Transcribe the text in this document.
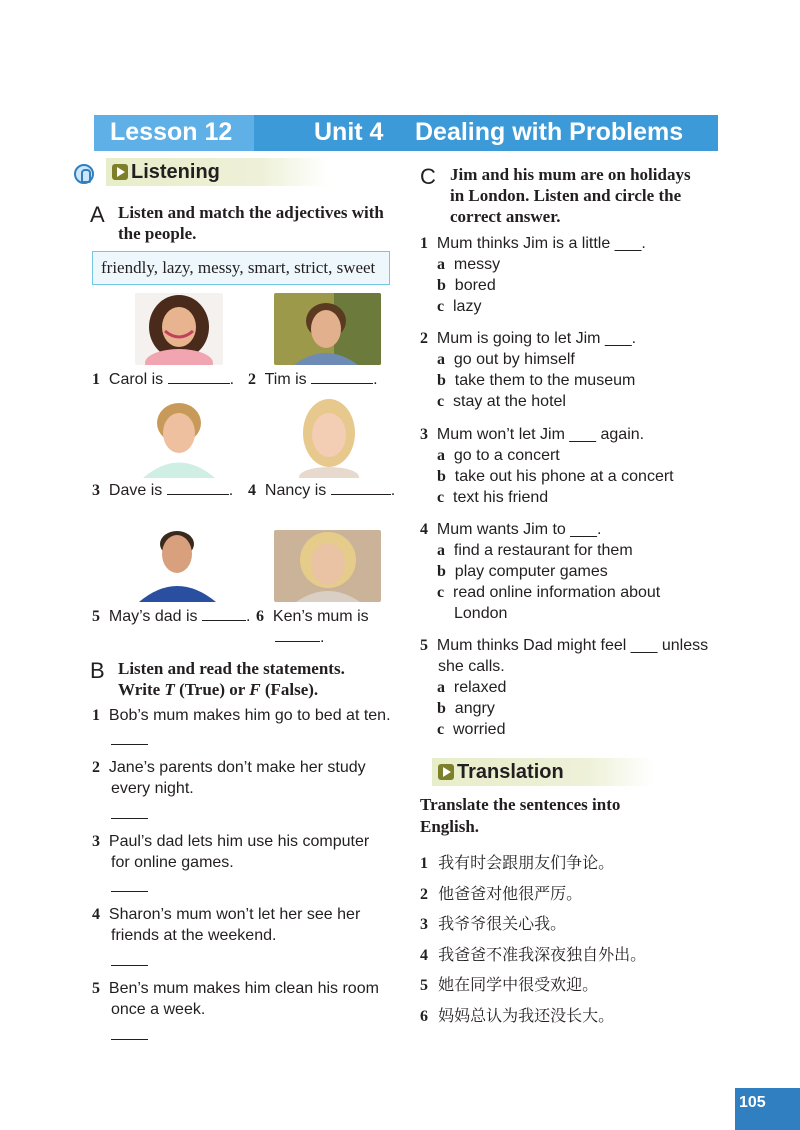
Lesson 12	Unit 4 Dealing with Problems
Listening
A Listen and match the adjectives with the people.
friendly, lazy, messy, smart, strict, sweet
1 Carol is	. 2 Tim is	.
3 Dave is	. 4 Nancy is	.
5 May’s dad is	. 6 Ken’s mum is
.
B Listen and read the statements.
Write T (True) or F (False).
1 Bob’s mum makes him go to bed at ten.
2 Jane’s parents don’t make her study
every night.
3 Paul’s dad lets him use his computer
for online games.
4 Sharon’s mum won’t let her see her
friends at the weekend.
5 Ben’s mum makes him clean his room
once a week.
C Jim and his mum are on holidays
in London. Listen and circle the
correct answer.
1 Mum thinks Jim is a little ___.
a messy
b bored
c lazy
2 Mum is going to let Jim ___.
a go out by himself
b take them to the museum
c stay at the hotel
3 Mum won’t let Jim ___ again.
a go to a concert
b take out his phone at a concert
c text his friend
4 Mum wants Jim to ___.
a find a restaurant for them
b play computer games
c read online information about
London
5 Mum thinks Dad might feel ___ unless
she calls.
a relaxed
b angry
c worried
Translation
Translate the sentences into
English.
1 我有时会跟朋友们争论。
2 他爸爸对他很严厉。
3 我爷爷很关心我。
4 我爸爸不准我深夜独自外出。
5 她在同学中很受欢迎。
6 妈妈总认为我还没长大。
105
